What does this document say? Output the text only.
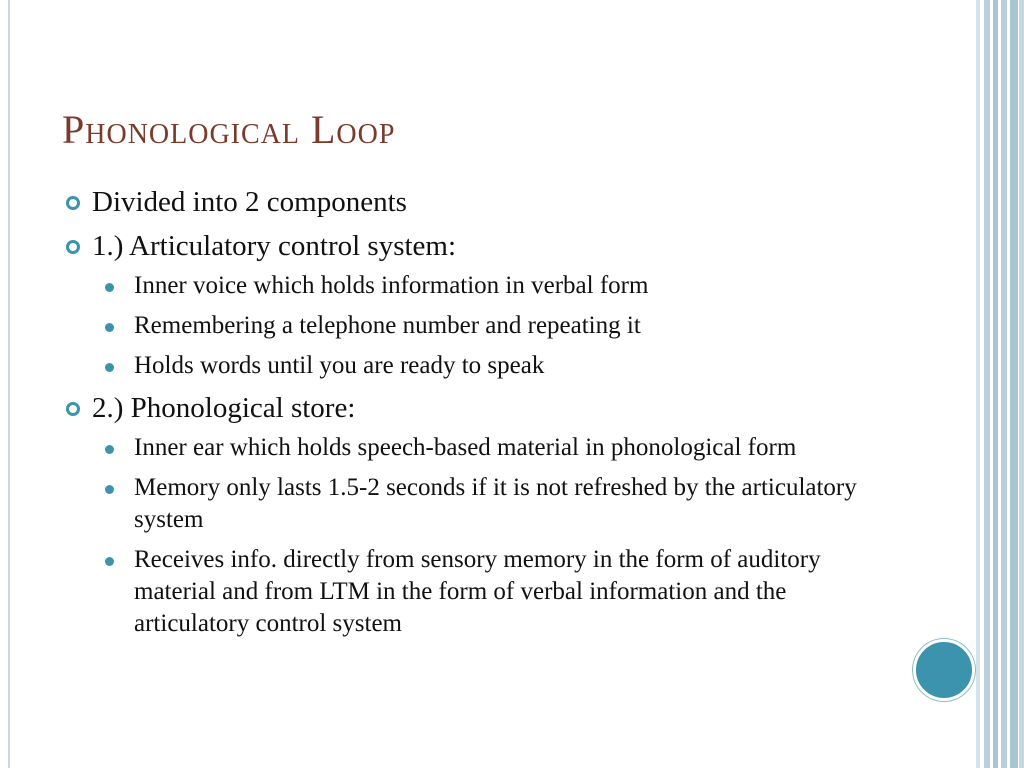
Phonological Loop
Divided into 2 components
1.) Articulatory control system:
Inner voice which holds information in verbal form
Remembering a telephone number and repeating it
Holds words until you are ready to speak
2.) Phonological store:
Inner ear which holds speech-based material in phonological form
Memory only lasts 1.5-2 seconds if it is not refreshed by the articulatory system
Receives info. directly from sensory memory in the form of auditory material and from LTM in the form of verbal information and the articulatory control system
